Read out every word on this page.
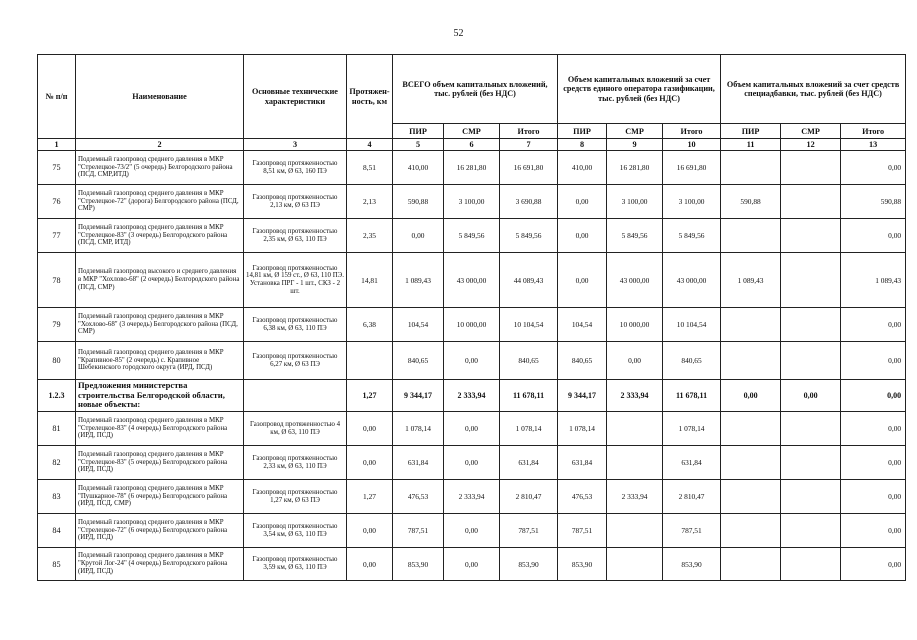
52
№ п/п	Наименование	Основные технические характеристики	Протяжен-ность, км	ВСЕГО объем капитальных вложений, тыс. рублей (без НДС)			Объем капитальных вложений за счет средств единого оператора газификации, тыс. рублей (без НДС)			Объем капитальных вложений за счет средств специадбавки, тыс. рублей (без НДС)		
				ПИР	СМР	Итого	ПИР	СМР	Итого	ПИР	СМР	Итого
1	2	3	4	5	6	7	8	9	10	11	12	13
75	Подземный газопровод среднего давления в МКР "Стрелецкое-73/2" (5 очередь) Белгородского района (ПСД, СМР,ИТД)	Газопровод протяженностью 8,51 км, Ø 63, 160 ПЭ	8,51	410,00	16 281,80	16 691,80	410,00	16 281,80	16 691,80			0,00
76	Подземный газопровод среднего давления в МКР "Стрелецкое-72" (дорога) Белгородского района (ПСД, СМР)	Газопровод протяженностью 2,13 км, Ø 63 ПЭ	2,13	590,88	3 100,00	3 690,88	0,00	3 100,00	3 100,00	590,88		590,88
77	Подземный газопровод среднего давления в МКР "Стрелецкое-83" (3 очередь) Белгородского района (ПСД, СМР, ИТД)	Газопровод протяженностью 2,35 км, Ø 63, 110 ПЭ	2,35	0,00	5 849,56	5 849,56	0,00	5 849,56	5 849,56			0,00
78	Подземный газопровод высокого и среднего давления в МКР "Хохлово-68" (2 очередь) Белгородского района (ПСД, СМР)	Газопровод протяженностью 14,81 км, Ø 159 ст., Ø 63, 110 ПЭ. Установка ПРГ - 1 шт., СКЗ - 2 шт.	14,81	1 089,43	43 000,00	44 089,43	0,00	43 000,00	43 000,00	1 089,43		1 089,43
79	Подземный газопровод среднего давления в МКР "Хохлово-68" (3 очередь) Белгородского района (ПСД, СМР)	Газопровод протяженностью 6,38 км, Ø 63, 110 ПЭ	6,38	104,54	10 000,00	10 104,54	104,54	10 000,00	10 104,54			0,00
80	Подземный газопровод среднего давления в МКР "Крапивное-85" (2 очередь) с. Крапивное Шебекинского городского округа (ИРД, ПСД)	Газопровод протяженностью 6,27 км, Ø 63 ПЭ		840,65	0,00	840,65	840,65	0,00	840,65			0,00
1.2.3	Предложения министерства строительства Белгородской области, новые объекты:		1,27	9 344,17	2 333,94	11 678,11	9 344,17	2 333,94	11 678,11	0,00	0,00	0,00
81	Подземный газопровод среднего давления в МКР "Стрелецкое-83" (4 очередь) Белгородского района (ИРД, ПСД)	Газопровод протяженностью 4 км, Ø 63, 110 ПЭ	0,00	1 078,14	0,00	1 078,14	1 078,14		1 078,14			0,00
82	Подземный газопровод среднего давления в МКР "Стрелецкое-83" (5 очередь) Белгородского района (ИРД, ПСД)	Газопровод протяженностью 2,33 км, Ø 63, 110 ПЭ	0,00	631,84	0,00	631,84	631,84		631,84			0,00
83	Подземный газопровод среднего давления в МКР "Пушкарное-78" (6 очередь) Белгородского района (ИРД, ПСД, СМР)	Газопровод протяженностью 1,27 км, Ø 63 ПЭ	1,27	476,53	2 333,94	2 810,47	476,53	2 333,94	2 810,47			0,00
84	Подземный газопровод среднего давления в МКР "Стрелецкое-72" (6 очередь) Белгородского района (ИРД, ПСД)	Газопровод протяженностью 3,54 км, Ø 63, 110 ПЭ	0,00	787,51	0,00	787,51	787,51		787,51			0,00
85	Подземный газопровод среднего давления в МКР "Крутой Лог-24" (4 очередь) Белгородского района (ИРД, ПСД)	Газопровод протяженностью 3,59 км, Ø 63, 110 ПЭ	0,00	853,90	0,00	853,90	853,90		853,90			0,00
